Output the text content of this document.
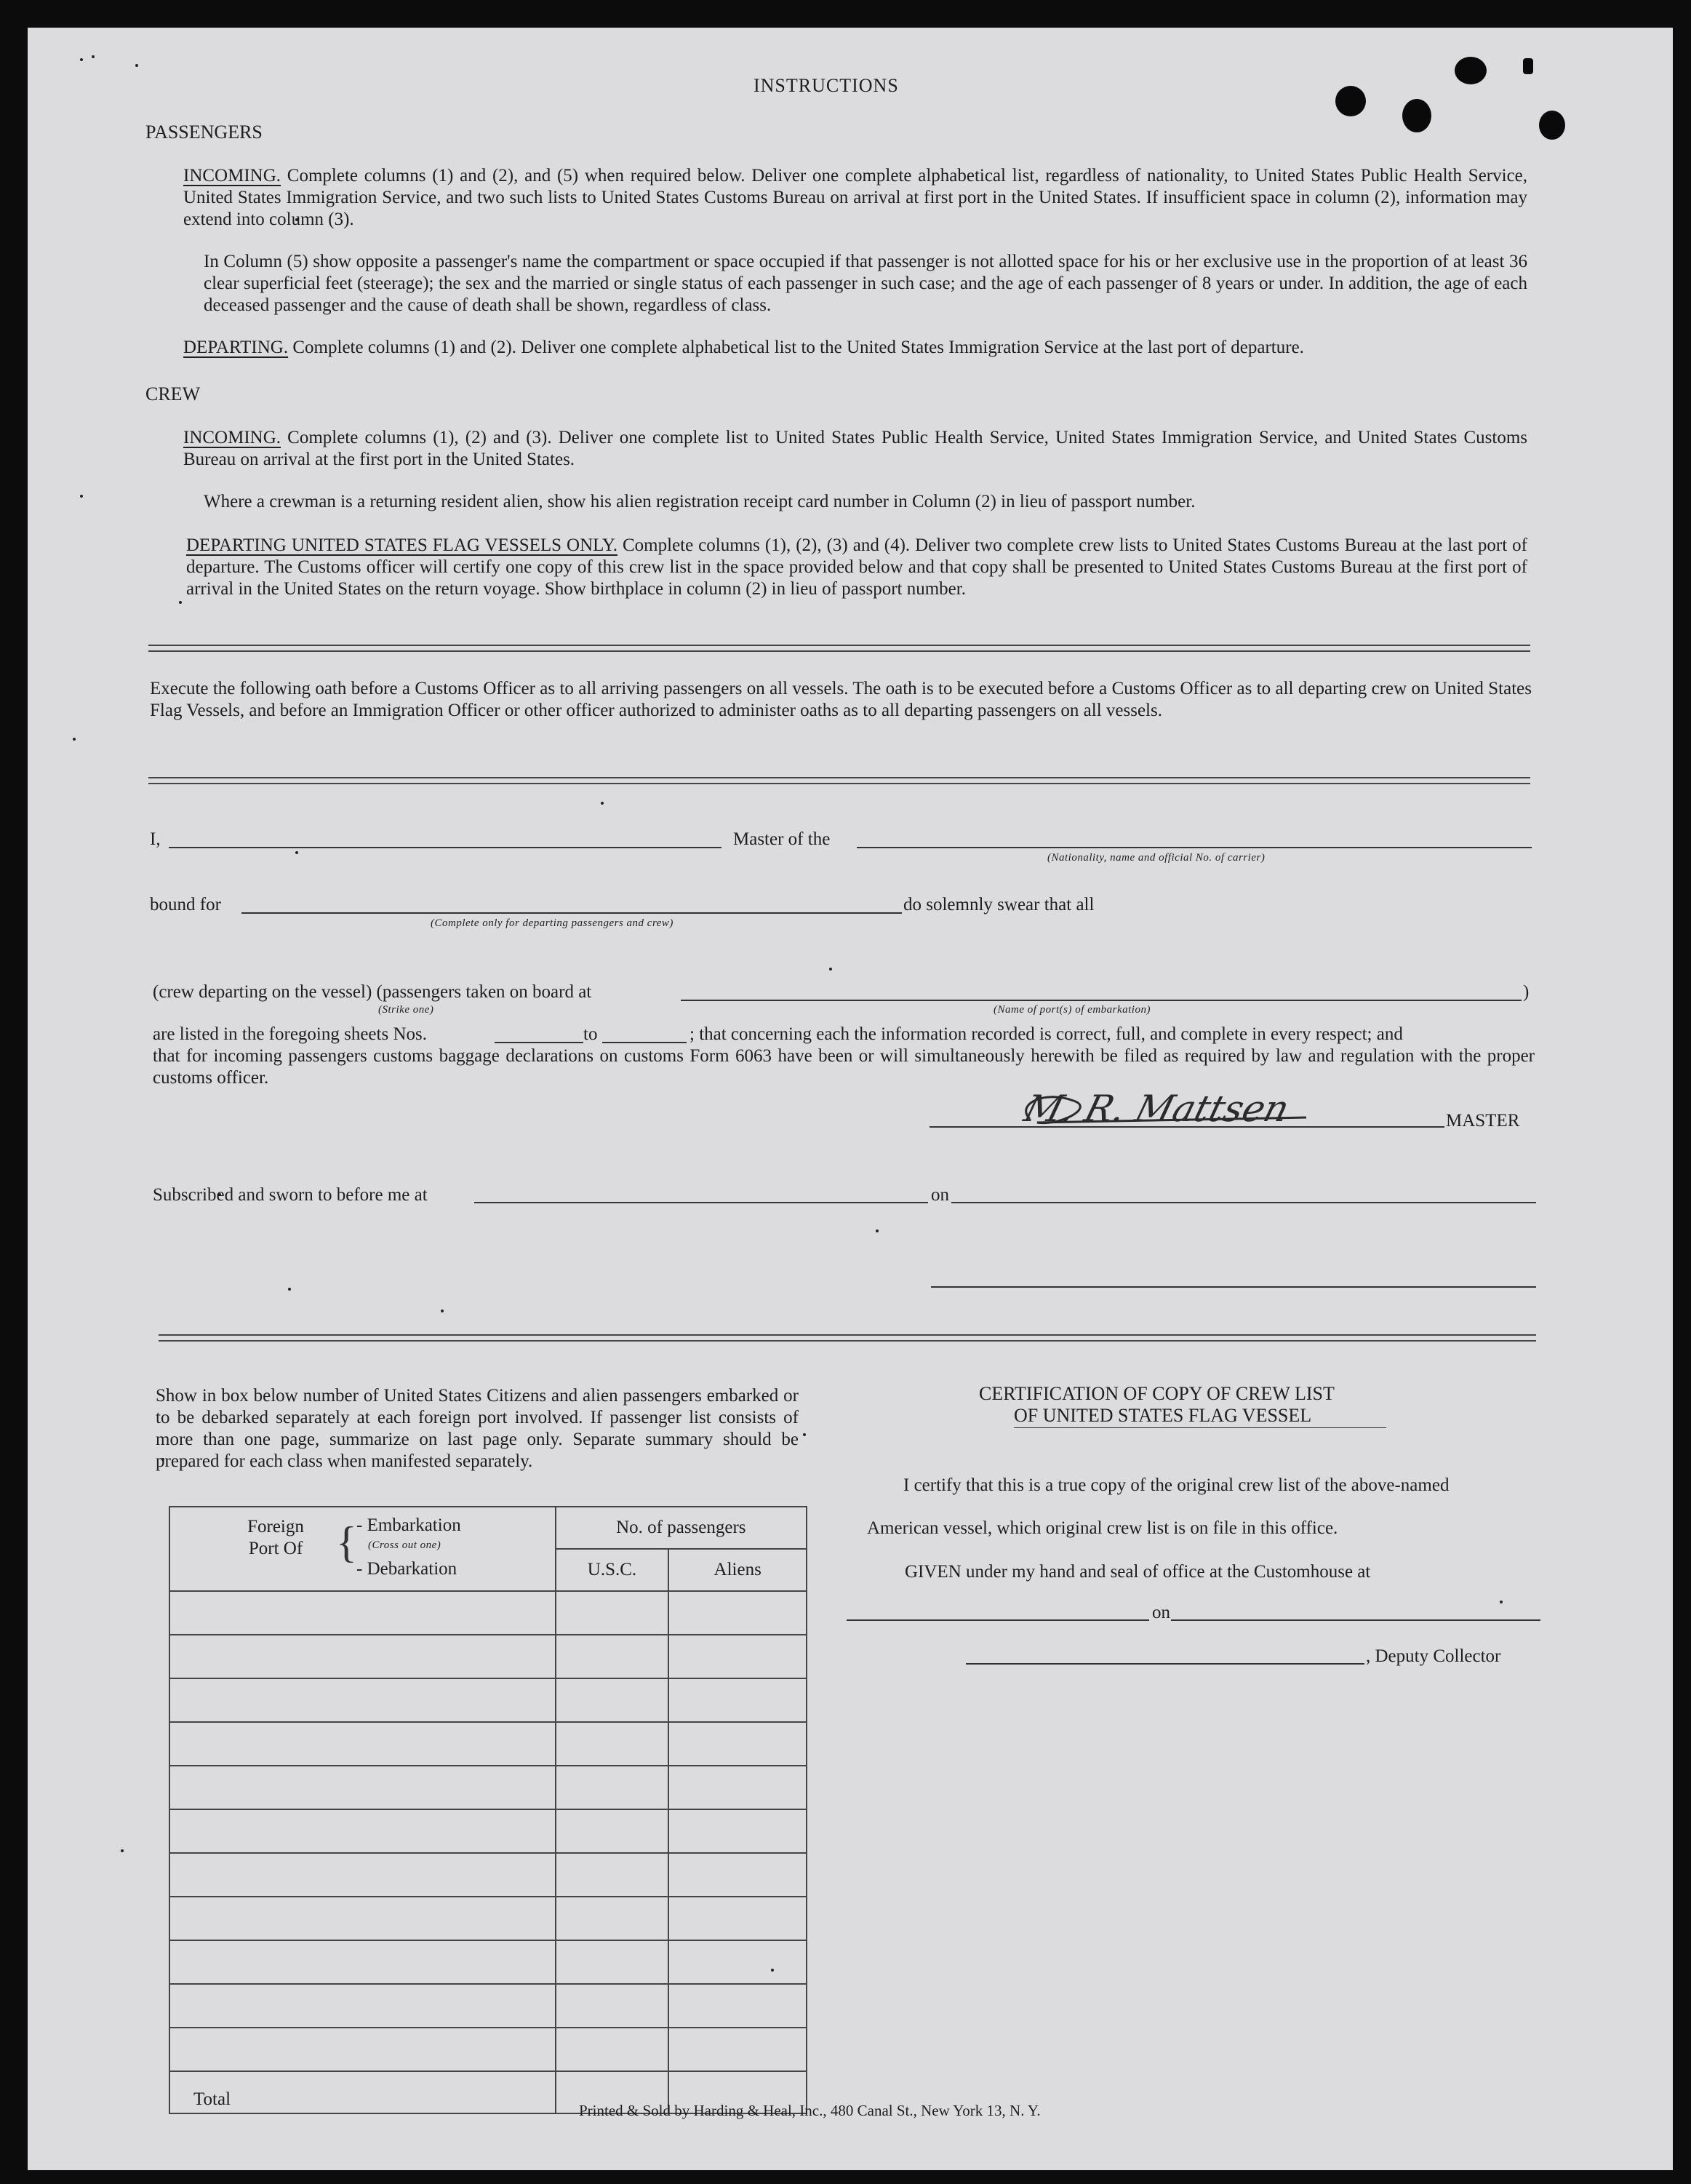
INSTRUCTIONS
PASSENGERS
INCOMING. Complete columns (1) and (2), and (5) when required below. Deliver one complete alphabetical list, regardless of nationality, to United States Public Health Service, United States Immigration Service, and two such lists to United States Customs Bureau on arrival at first port in the United States. If insufficient space in column (2), information may extend into column (3).
In Column (5) show opposite a passenger's name the compartment or space occupied if that passenger is not allotted space for his or her exclusive use in the proportion of at least 36 clear superficial feet (steerage); the sex and the married or single status of each passenger in such case; and the age of each passenger of 8 years or under. In addition, the age of each deceased passenger and the cause of death shall be shown, regardless of class.
DEPARTING. Complete columns (1) and (2). Deliver one complete alphabetical list to the United States Immigration Service at the last port of departure.
CREW
INCOMING. Complete columns (1), (2) and (3). Deliver one complete list to United States Public Health Service, United States Immigration Service, and United States Customs Bureau on arrival at the first port in the United States.
Where a crewman is a returning resident alien, show his alien registration receipt card number in Column (2) in lieu of passport number.
DEPARTING UNITED STATES FLAG VESSELS ONLY. Complete columns (1), (2), (3) and (4). Deliver two complete crew lists to United States Customs Bureau at the last port of departure. The Customs officer will certify one copy of this crew list in the space provided below and that copy shall be presented to United States Customs Bureau at the first port of arrival in the United States on the return voyage. Show birthplace in column (2) in lieu of passport number.
Execute the following oath before a Customs Officer as to all arriving passengers on all vessels. The oath is to be executed before a Customs Officer as to all departing crew on United States Flag Vessels, and before an Immigration Officer or other officer authorized to administer oaths as to all departing passengers on all vessels.
I,	Master of the
(Nationality, name and official No. of carrier)
bound for	do solemnly swear that all
(Complete only for departing passengers and crew)
(crew departing on the vessel) (passengers taken on board at	)
(Strike one)	(Name of port(s) of embarkation)
are listed in the foregoing sheets Nos.	to	; that concerning each the information recorded is correct, full, and complete in every respect; and
that for incoming passengers customs baggage declarations on customs Form 6063 have been or will simultaneously herewith be filed as required by law and regulation with the proper customs officer.
M. R. Mattsen	MASTER
Subscribed and sworn to before me at	on
Show in box below number of United States Citizens and alien passengers embarked or to be debarked separately at each foreign port involved. If passenger list consists of more than one page, summarize on last page only. Separate summary should be prepared for each class when manifested separately.
Foreign Port Of { - Embarkation
(Cross out one)
- Debarkation	No. of passengers	
	U.S.C.	Aliens

Total		
CERTIFICATION OF COPY OF CREW LIST
OF UNITED STATES FLAG VESSEL
I certify that this is a true copy of the original crew list of the above-named
American vessel, which original crew list is on file in this office.
GIVEN under my hand and seal of office at the Customhouse at
on
, Deputy Collector
Printed & Sold by Harding & Heal, Inc., 480 Canal St., New York 13, N. Y.
